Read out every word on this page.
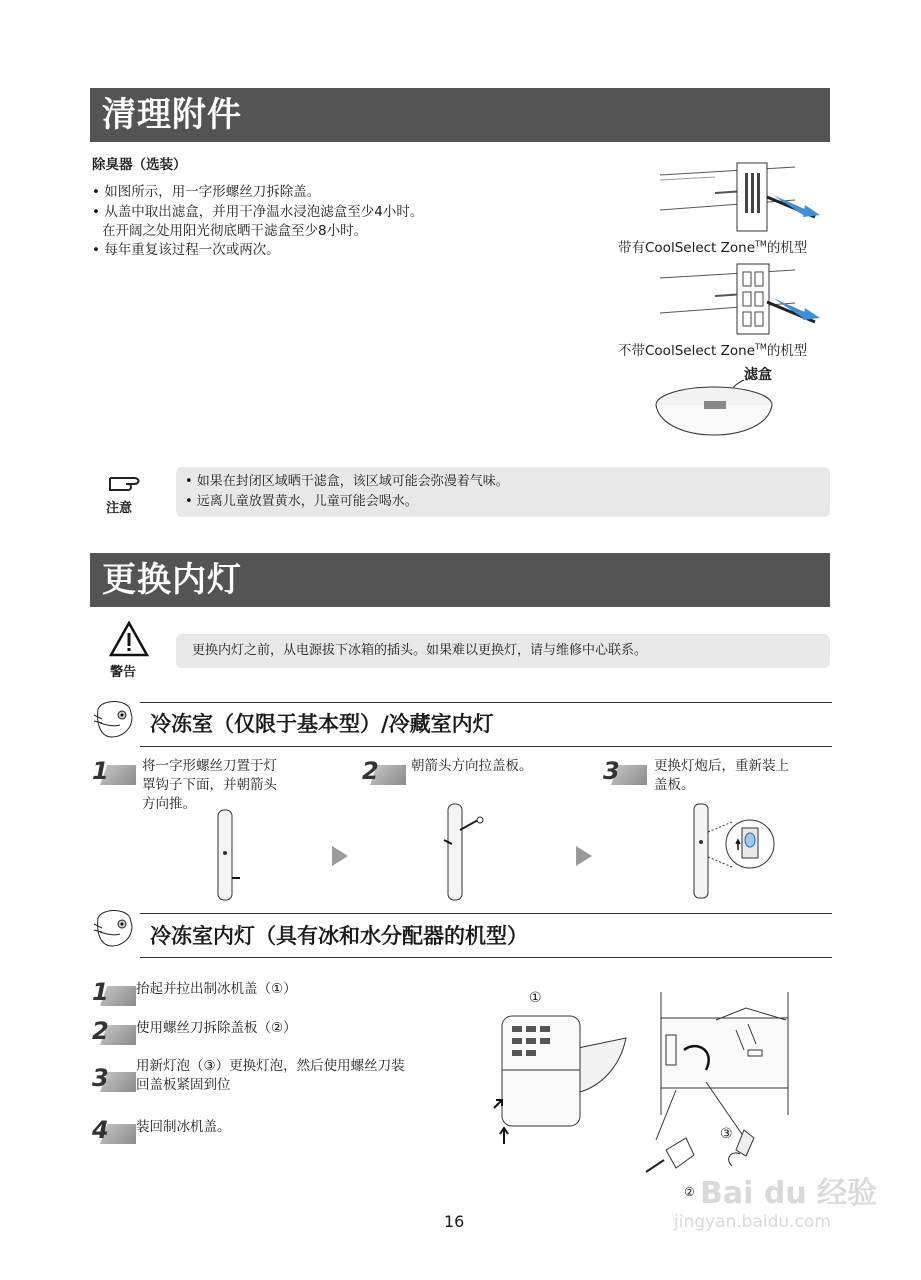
清理附件
除臭器（选装）
• 如图所示，用一字形螺丝刀拆除盖。
• 从盖中取出滤盒，并用干净温水浸泡滤盒至少4小时。
在开阔之处用阳光彻底晒干滤盒至少8小时。
• 每年重复该过程一次或两次。	带有CoolSelect Zone™的机型
不带CoolSelect Zone™的机型
滤盒
注意
• 如果在封闭区域晒干滤盒，该区域可能会弥漫着气味。
• 远离儿童放置黄水，儿童可能会喝水。
更换内灯
警告
更换内灯之前，从电源拔下冰箱的插头。如果难以更换灯，请与维修中心联系。
冷冻室（仅限于基本型）/冷藏室内灯
1 将一字形螺丝刀置于灯
罩钩子下面，并朝箭头
方向推。
2 朝箭头方向拉盖板。	3	更换灯炮后，重新装上
盖板。
冷冻室内灯（具有冰和水分配器的机型）
1 抬起并拉出制冰机盖（①）
2 使用螺丝刀拆除盖板（②）
3 用新灯泡（③）更换灯泡，然后使用螺丝刀装
回盖板紧固到位
4 装回制冰机盖。
①
③
②
16
Bai du 经验
jingyan.baidu.com
